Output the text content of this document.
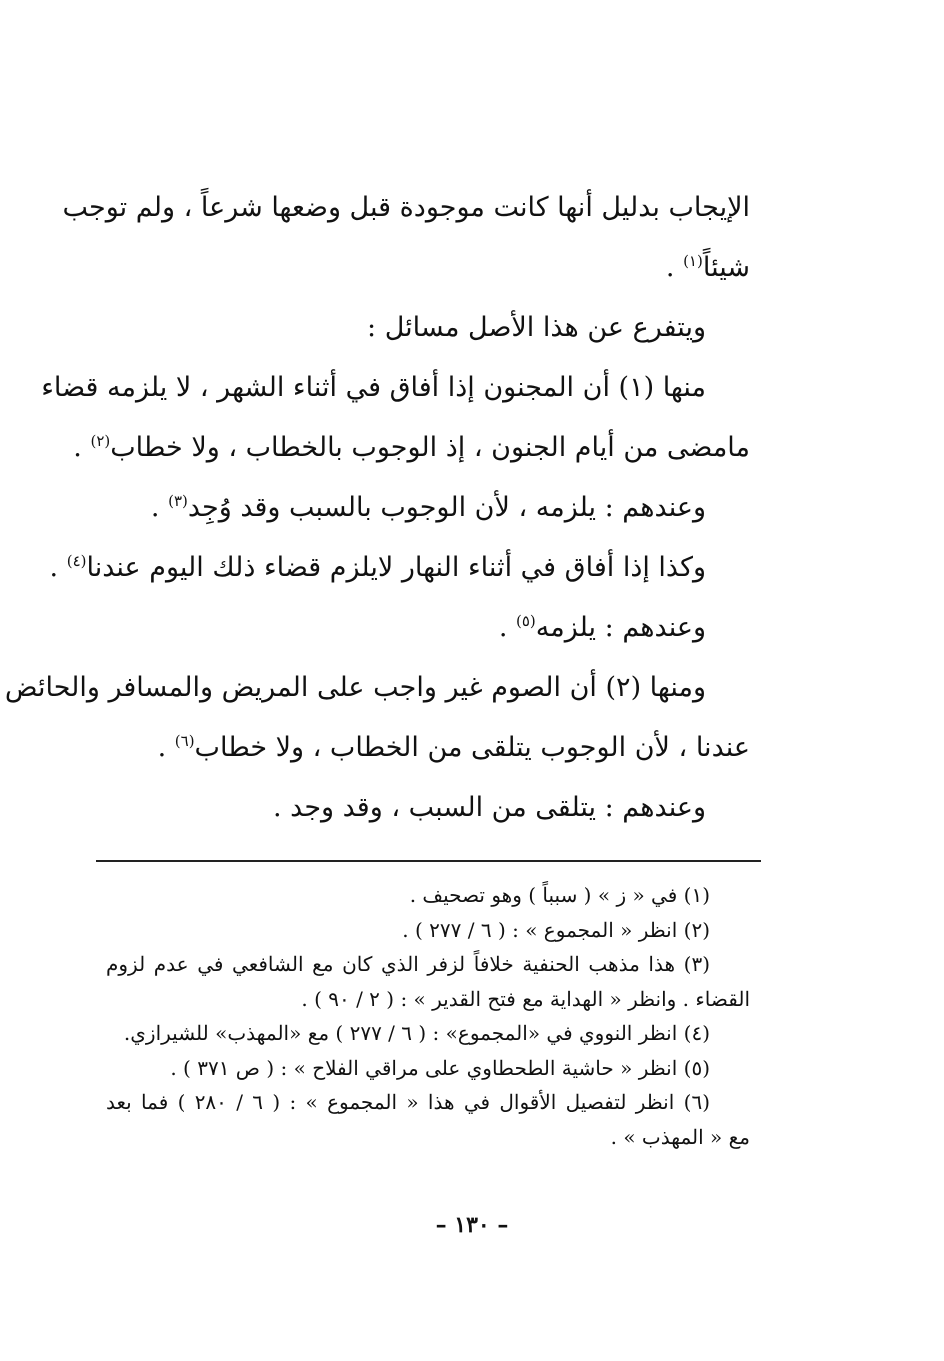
الإيجاب بدليل أنها كانت موجودة قبل وضعها شرعاً ، ولم توجب
شيئاً$^{(١)}$ .
ويتفرع عن هذا الأصل مسائل :
منها (١) أن المجنون إذا أفاق في أثناء الشهر ، لا يلزمه قضاء
مامضى من أيام الجنون ، إذ الوجوب بالخطاب ، ولا خطاب$^{(٢)}$ .
وعندهم : يلزمه ، لأن الوجوب بالسبب وقد وُجِد$^{(٣)}$ .
وكذا إذا أفاق في أثناء النهار لايلزم قضاء ذلك اليوم عندنا$^{(٤)}$ .
وعندهم : يلزمه$^{(٥)}$ .
ومنها (٢) أن الصوم غير واجب على المريض والمسافر والحائض
عندنا ، لأن الوجوب يتلقى من الخطاب ، ولا خطاب$^{(٦)}$ .
وعندهم : يتلقى من السبب ، وقد وجد .
(١) في « ز » ( سبباً ) وهو تصحيف .
(٢) انظر « المجموع » : ( ٦ / ٢٧٧ ) .
(٣) هذا مذهب الحنفية خلافاً لزفر الذي كان مع الشافعي في عدم لزوم
القضاء . وانظر « الهداية مع فتح القدير » : ( ٢ / ٩٠ ) .
(٤) انظر النووي في «المجموع» : ( ٦ / ٢٧٧ ) مع «المهذب» للشيرازي.
(٥) انظر « حاشية الطحطاوي على مراقي الفلاح » : ( ص ٣٧١ ) .
(٦) انظر لتفصيل الأقوال في هذا « المجموع » : ( ٦ / ٢٨٠ ) فما بعد
مع « المهذب » .
– ١٣٠ –
